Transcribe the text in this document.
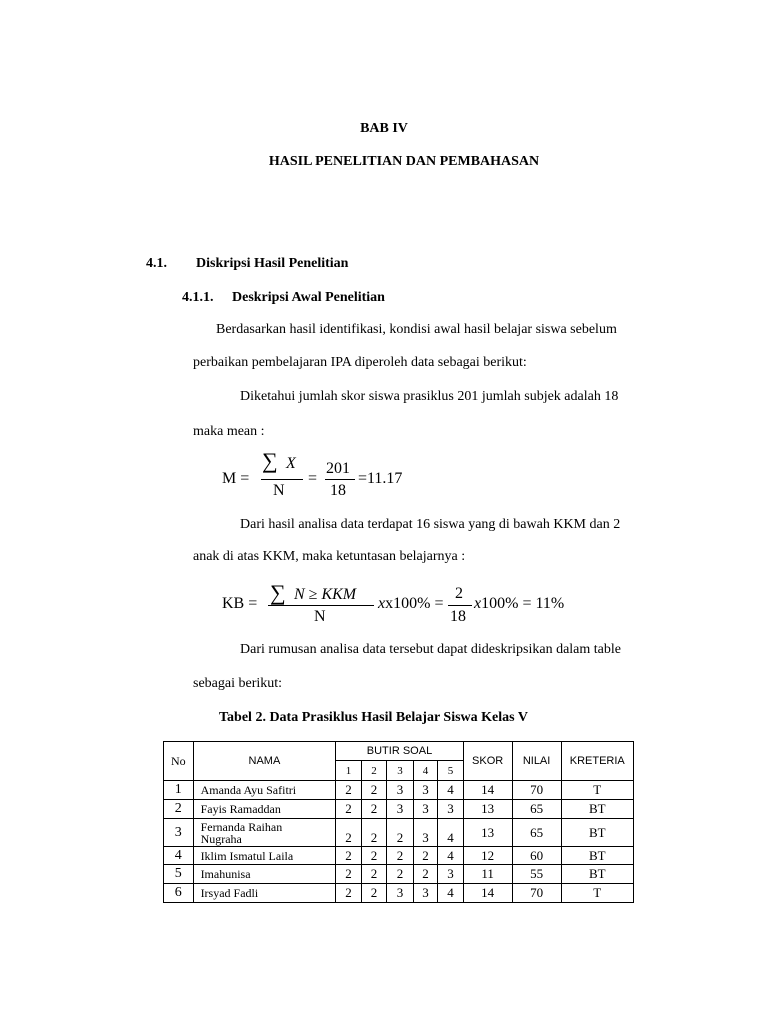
BAB IV
HASIL PENELITIAN DAN PEMBAHASAN
4.1. Diskripsi Hasil Penelitian
4.1.1. Deskripsi Awal Penelitian
Berdasarkan hasil identifikasi, kondisi awal hasil belajar siswa sebelum
perbaikan pembelajaran IPA diperoleh data sebagai berikut:
Diketahui jumlah skor siswa prasiklus 201 jumlah subjek adalah 18
maka mean :
M =
∑ X
N
=
201
18
=11.17
Dari hasil analisa data terdapat 16 siswa yang di bawah KKM dan 2
anak di atas KKM, maka ketuntasan belajarnya :
KB = ∑ N ≥ KKM
N
xx100% =
2
18
x100% = 11%
Dari rumusan analisa data tersebut dapat dideskripsikan dalam table
sebagai berikut:
Tabel 2. Data Prasiklus Hasil Belajar Siswa Kelas V
No	NAMA	BUTIR SOAL					SKOR	NILAI	KRETERIA
		1	2	3	4	5			
1	Amanda Ayu Safitri	2	2	3	3	4	14	70	T
2	Fayis Ramaddan	2	2	3	3	3	13	65	BT
3	Fernanda Raihan
Nugraha	2	2	2	3	4	13	65	BT
4	Iklim Ismatul Laila	2	2	2	2	4	12	60	BT
5	Imahunisa	2	2	2	2	3	11	55	BT
6	Irsyad Fadli	2	2	3	3	4	14	70	T
